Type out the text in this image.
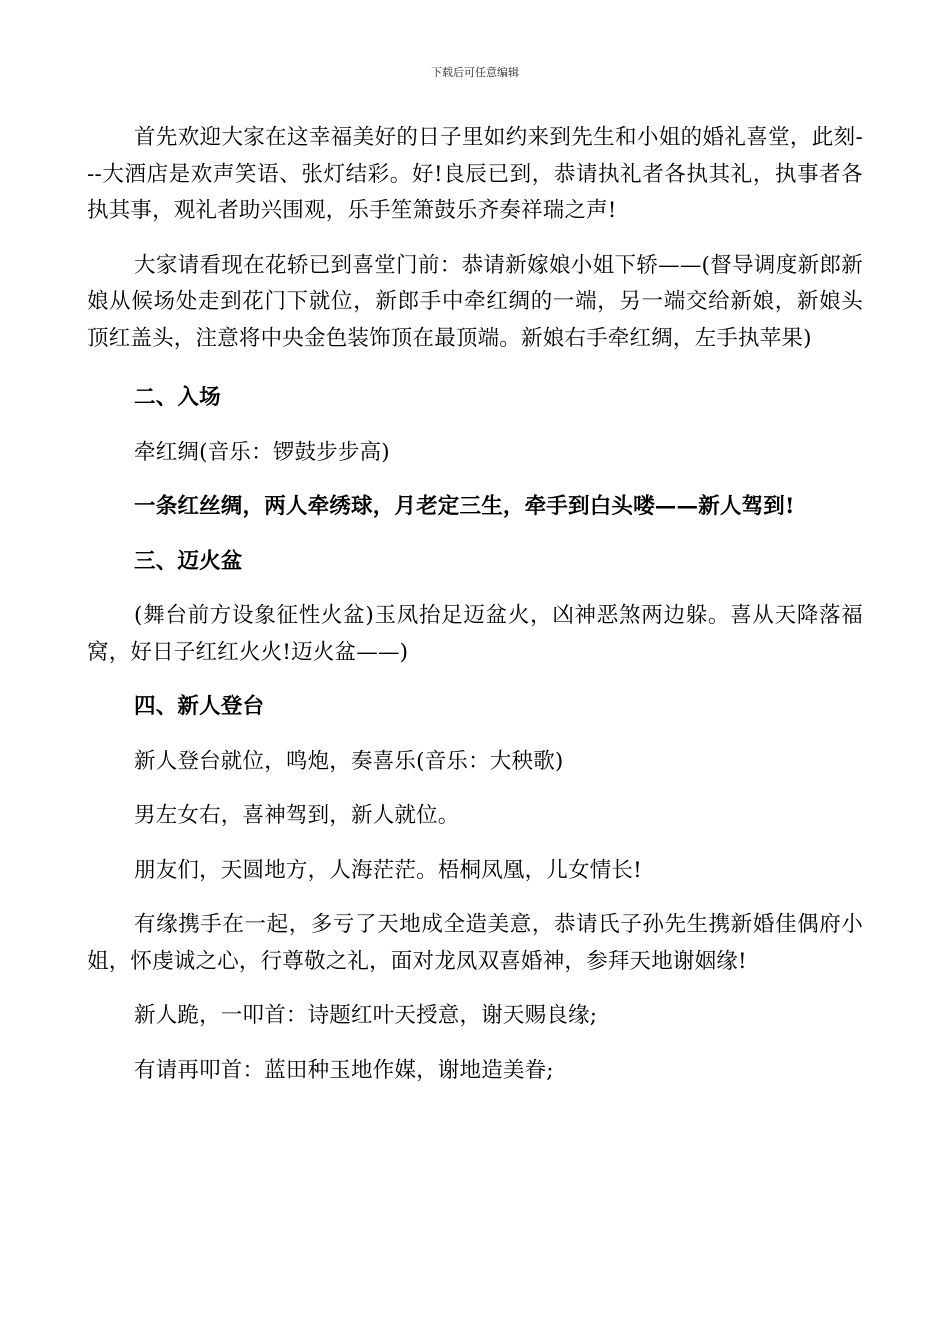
下载后可任意编辑

首先欢迎大家在这幸福美好的日子里如约来到先生和小姐的婚礼喜堂，此刻---大酒店是欢声笑语、张灯结彩。好!良辰已到，恭请执礼者各执其礼，执事者各执其事，观礼者助兴围观，乐手笙箫鼓乐齐奏祥瑞之声!

大家请看现在花轿已到喜堂门前：恭请新嫁娘小姐下轿——(督导调度新郎新娘从候场处走到花门下就位，新郎手中牵红绸的一端，另一端交给新娘，新娘头顶红盖头，注意将中央金色装饰顶在最顶端。新娘右手牵红绸，左手执苹果)

二、入场

牵红绸(音乐：锣鼓步步高)

一条红丝绸，两人牵绣球，月老定三生，牵手到白头喽——新人驾到!

三、迈火盆

(舞台前方设象征性火盆)玉凤抬足迈盆火，凶神恶煞两边躲。喜从天降落福窝，好日子红红火火!迈火盆——)

四、新人登台

新人登台就位，鸣炮，奏喜乐(音乐：大秧歌)

男左女右，喜神驾到，新人就位。

朋友们，天圆地方，人海茫茫。梧桐凤凰，儿女情长!

有缘携手在一起，多亏了天地成全造美意，恭请氏子孙先生携新婚佳偶府小姐，怀虔诚之心，行尊敬之礼，面对龙凤双喜婚神，参拜天地谢姻缘!

新人跪，一叩首：诗题红叶天授意，谢天赐良缘;

有请再叩首：蓝田种玉地作媒，谢地造美眷;
